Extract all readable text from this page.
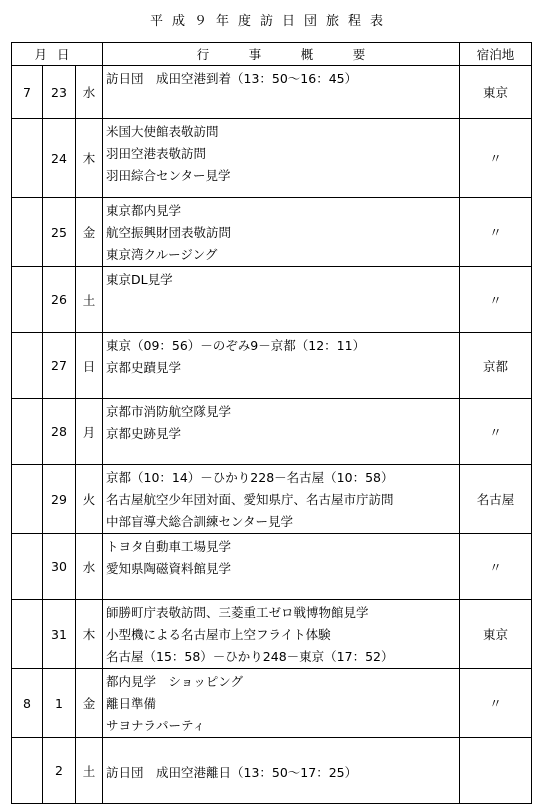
平成９年度訪日団旅程表
月日			行 事 概 要	宿泊地
7	23	水	訪日団　成田空港到着（13：50～16：45）	東京
	24	木	米国大使館表敬訪問
羽田空港表敬訪問
羽田綜合センター見学	〃
	25	金	東京都内見学
航空振興財団表敬訪問
東京湾クルージング	〃
	26	土	東京DL見学	〃
	27	日	東京（09：56）－のぞみ9－京都（12：11）
京都史蹟見学	京都
	28	月	京都市消防航空隊見学
京都史跡見学	〃
	29	火	京都（10：14）－ひかり228－名古屋（10：58）
名古屋航空少年団対面、愛知県庁、名古屋市庁訪問
中部盲導犬総合訓練センター見学	名古屋
	30	水	トヨタ自動車工場見学
愛知県陶磁資料館見学	〃
	31	木	師勝町庁表敬訪問、三菱重工ゼロ戦博物館見学
小型機による名古屋市上空フライト体験
名古屋（15：58）－ひかり248－東京（17：52）	東京
8	1	金	都内見学　ショッピング
離日準備
サヨナラパーティ	〃
	2	土	訪日団　成田空港離日（13：50～17：25）	
